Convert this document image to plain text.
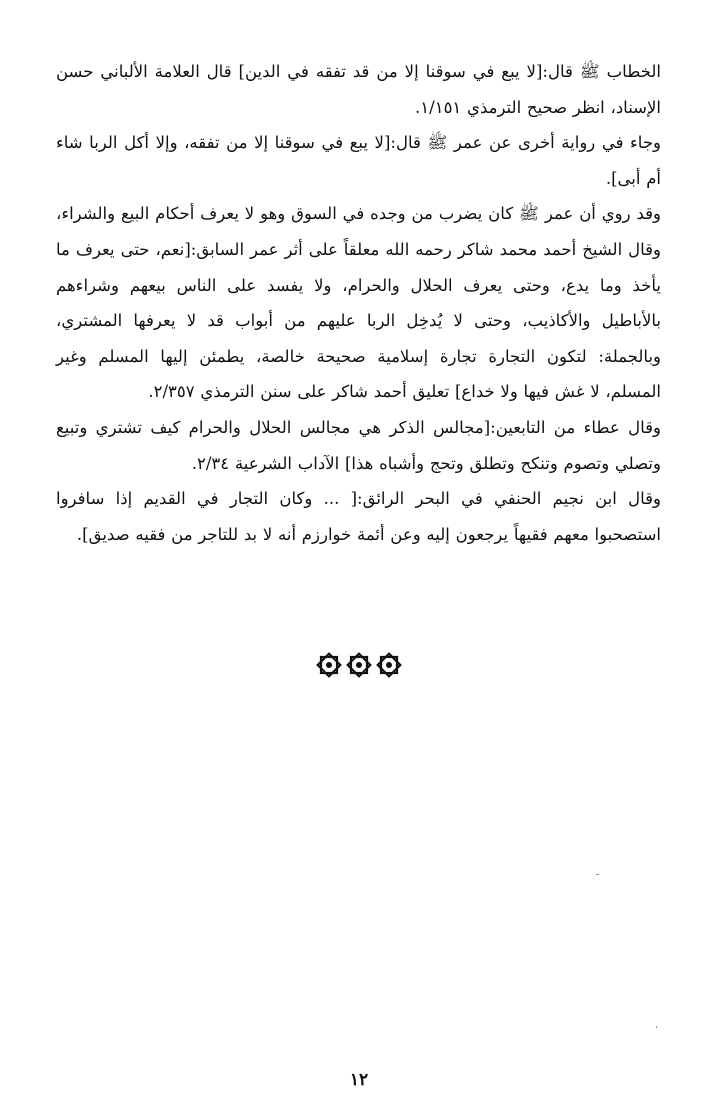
الخطاب ﷺ قال:[لا يبع في سوقنا إلا من قد تفقه في الدين] قال العلامة الألباني حسن الإسناد، انظر صحيح الترمذي ١/١٥١.

وجاء في رواية أخرى عن عمر ﷺ قال:[لا يبع في سوقنا إلا من تفقه، وإلا أكل الربا شاء أم أبى].

وقد روي أن عمر ﷺ كان يضرب من وجده في السوق وهو لا يعرف أحكام البيع والشراء، وقال الشيخ أحمد محمد شاكر رحمه الله معلقاً على أثر عمر السابق:[نعم، حتى يعرف ما يأخذ وما يدع، وحتى يعرف الحلال والحرام، ولا يفسد على الناس بيعهم وشراءهم بالأباطيل والأكاذيب، وحتى لا يُدخِل الربا عليهم من أبواب قد لا يعرفها المشتري، وبالجملة: لتكون التجارة تجارة إسلامية صحيحة خالصة، يطمئن إليها المسلم وغير المسلم، لا غش فيها ولا خداع] تعليق أحمد شاكر على سنن الترمذي ٢/٣٥٧.

وقال عطاء من التابعين:[مجالس الذكر هي مجالس الحلال والحرام كيف تشتري وتبيع وتصلي وتصوم وتنكح وتطلق وتحج وأشباه هذا] الآداب الشرعية ٢/٣٤.

وقال ابن نجيم الحنفي في البحر الرائق:[ ... وكان التجار في القديم إذا سافروا استصحبوا معهم فقيهاً يرجعون إليه وعن أئمة خوارزم أنه لا بد للتاجر من فقيه صديق].

١٢
